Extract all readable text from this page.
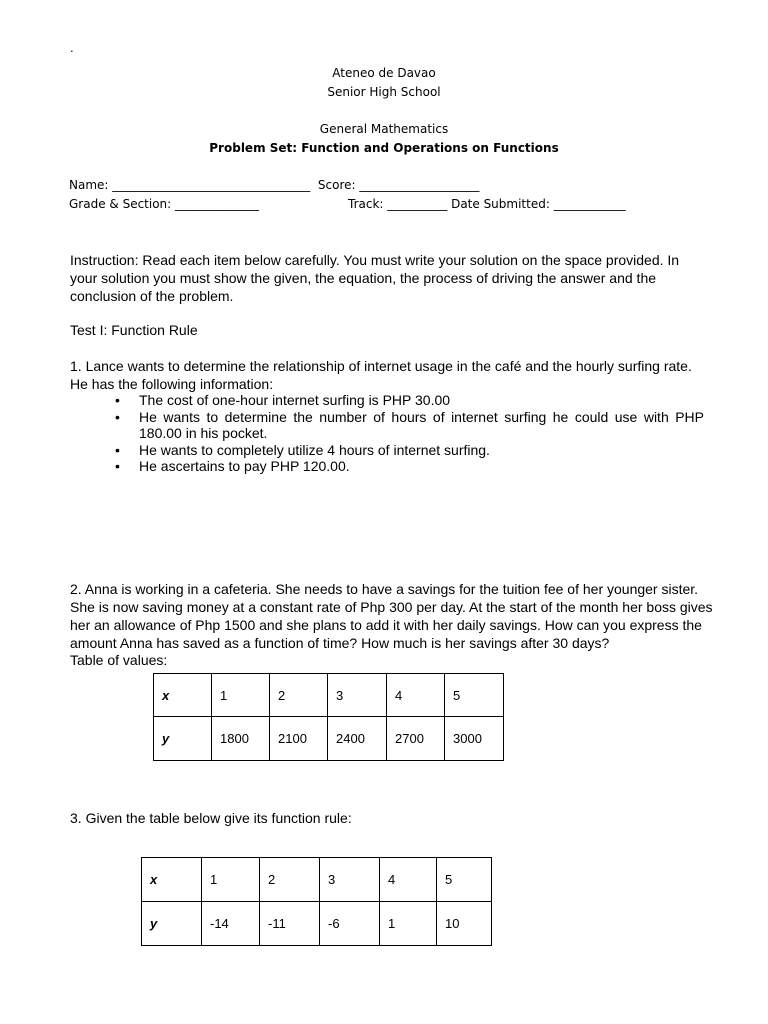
.
Ateneo de Davao
Senior High School
General Mathematics
Problem Set: Function and Operations on Functions
Name: _________________________________  Score: ____________________
Grade & Section: ______________	Track: __________ Date Submitted: ____________
Instruction: Read each item below carefully. You must write your solution on the space provided. In your solution you must show the given, the equation, the process of driving the answer and the conclusion of the problem.
Test I: Function Rule
1. Lance wants to determine the relationship of internet usage in the café and the hourly surfing rate. He has the following information:
• The cost of one-hour internet surfing is PHP 30.00
• He wants to determine the number of hours of internet surfing he could use with PHP 180.00 in his pocket.
• He wants to completely utilize 4 hours of internet surfing.
• He ascertains to pay PHP 120.00.
2. Anna is working in a cafeteria. She needs to have a savings for the tuition fee of her younger sister. She is now saving money at a constant rate of Php 300 per day. At the start of the month her boss gives her an allowance of Php 1500 and she plans to add it with her daily savings. How can you express the amount Anna has saved as a function of time? How much is her savings after 30 days?
Table of values:
x	1	2	3	4	5
y	1800	2100	2400	2700	3000
3. Given the table below give its function rule:
x	1	2	3	4	5
y	-14	-11	-6	1	10
